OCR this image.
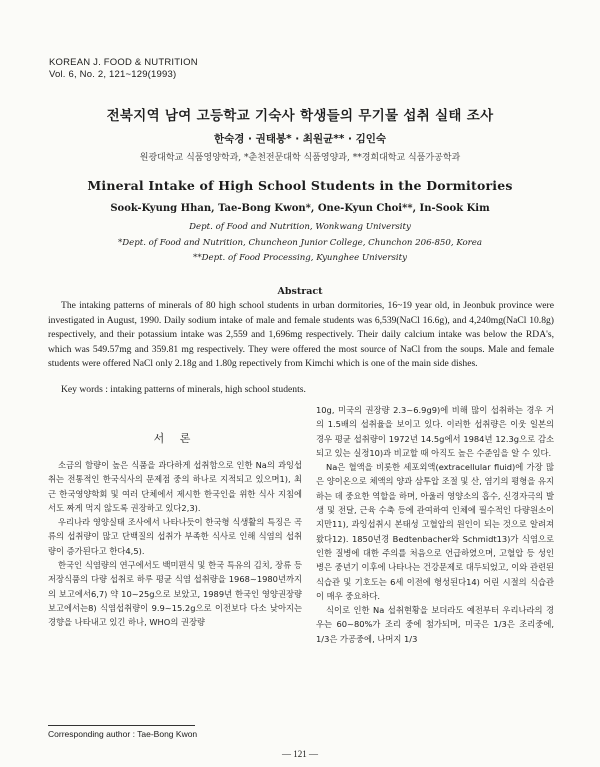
KOREAN J. FOOD & NUTRITION
Vol. 6, No. 2, 121~129(1993)
전북지역 남여 고등학교 기숙사 학생들의 무기물 섭취 실태 조사
한숙경 · 권태봉* · 최원균** · 김인숙
원광대학교 식품영양학과, *춘천전문대학 식품영양과, **경희대학교 식품가공학과
Mineral Intake of High School Students in the Dormitories
Sook-Kyung Hhan, Tae-Bong Kwon*, One-Kyun Choi**, In-Sook Kim
Dept. of Food and Nutrition, Wonkwang University
*Dept. of Food and Nutrition, Chuncheon Junior College, Chunchon 206-850, Korea
**Dept. of Food Processing, Kyunghee University
Abstract

The intaking patterns of minerals of 80 high school students in urban dormitories, 16~19 year old, in Jeonbuk province were investigated in August, 1990. Daily sodium intake of male and female students was 6,539(NaCl 16.6g), and 4,240mg(NaCl 10.8g) respectively, and their potassium intake was 2,559 and 1,696mg respectively. Their daily calcium intake was below the RDA's, which was 549.57mg and 359.81 mg respectively. They were offered the most source of NaCl from the soups. Male and female students were offered NaCl only 2.18g and 1.80g repectively from Kimchi which is one of the main side dishes.

Key words : intaking patterns of minerals, high school students.
서 론

소금의 함량이 높은 식품을 과다하게 섭취함으로 인한 Na의 과잉섭취는 전통적인 한국식사의 문제점 중의 하나로 지적되고 있으며1), 최근 한국영양학회 및 여러 단체에서 제시한 한국인을 위한 식사 지침에서도 짜게 먹지 않도록 권장하고 있다2,3).

우리나라 영양실태 조사에서 나타나듯이 한국형 식생활의 특징은 곡류의 섭취량이 많고 단백질의 섭취가 부족한 식사로 인해 식염의 섭취량이 증가된다고 한다4,5).

한국인 식염량의 연구에서도 백미편식 및 한국 특유의 김치, 장류 등 저장식품의 다량 섭취로 하루 평균 식염 섭취량을 1968~1980년까지의 보고에서6,7) 약 10~25g으로 보았고, 1989년 한국인 영양권장량 보고에서는8) 식염섭취량이 9.9~15.2g으로 이전보다 다소 낮아지는 경향을 나타내고 있긴 하나, WHO의 권장량

10g, 미국의 권장량 2.3~6.9g9)에 비해 많이 섭취하는 경우 거의 1.5배의 섭취율을 보이고 있다. 이러한 섭취량은 이웃 일본의 경우 평균 섭취량이 1972년 14.5g에서 1984년 12.3g으로 감소되고 있는 실정10)과 비교할 때 아직도 높은 수준임을 알 수 있다.

Na은 혈액을 비롯한 세포외액(extracellular fluid)에 가장 많은 양이온으로 체액의 양과 삼투압 조절 및 산, 염기의 평형을 유지하는 데 중요한 역할을 하며, 아울러 영양소의 흡수, 신경자극의 발생 및 전달, 근육 수축 등에 관여하여 인체에 필수적인 다량원소이지만11), 과잉섭취시 본태성 고혈압의 원인이 되는 것으로 알려져 왔다12). 1850년경 Bedtenbacher와 Schmidt13)가 식염으로 인한 질병에 대한 주의를 처음으로 언급하였으며, 고혈압 등 성인병은 중년기 이후에 나타나는 건강문제로 대두되었고, 이와 관련된 식습관 및 기호도는 6세 이전에 형성된다14) 어린 시절의 식습관이 매우 중요하다.

식이로 인한 Na 섭취현황을 보더라도 예전부터 우리나라의 경우는 60~80%가 조리 중에 첨가되며, 미국은 1/3은 조리중에, 1/3은 가공중에, 나머지 1/3

Corresponding author : Tae-Bong Kwon
— 121 —
